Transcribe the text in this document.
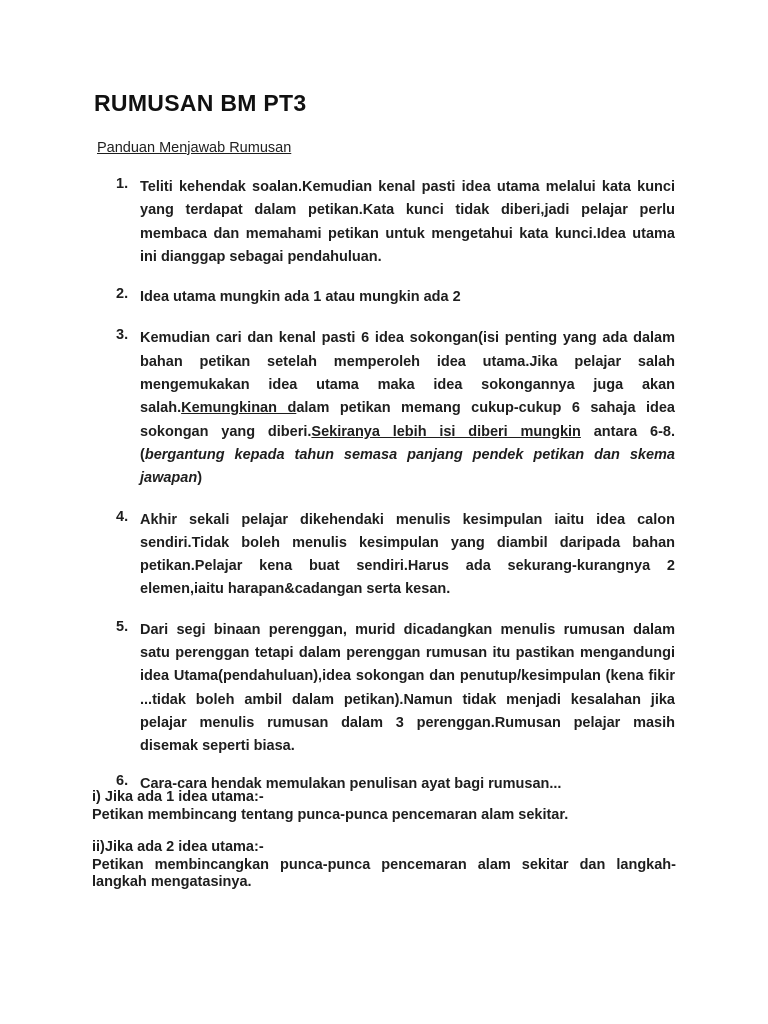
RUMUSAN BM PT3
Panduan Menjawab Rumusan
1. Teliti kehendak soalan.Kemudian kenal pasti idea utama melalui kata kunci yang terdapat dalam petikan.Kata kunci tidak diberi,jadi pelajar perlu membaca dan memahami petikan untuk mengetahui kata kunci.Idea utama ini dianggap sebagai pendahuluan.
2. Idea utama mungkin ada 1 atau mungkin ada 2
3. Kemudian cari dan kenal pasti 6 idea sokongan(isi penting yang ada dalam bahan petikan setelah memperoleh idea utama.Jika pelajar salah mengemukakan idea utama maka idea sokongannya juga akan salah.Kemungkinan dalam petikan memang cukup-cukup 6 sahaja idea sokongan yang diberi.Sekiranya lebih isi diberi mungkin antara 6-8.(bergantung kepada tahun semasa panjang pendek petikan dan skema jawapan)
4. Akhir sekali pelajar dikehendaki menulis kesimpulan iaitu idea calon sendiri.Tidak boleh menulis kesimpulan yang diambil daripada bahan petikan.Pelajar kena buat sendiri.Harus ada sekurang-kurangnya 2 elemen,iaitu harapan&cadangan serta kesan.
5. Dari segi binaan perenggan, murid dicadangkan menulis rumusan dalam satu perenggan tetapi dalam perenggan rumusan itu pastikan mengandungi idea Utama(pendahuluan),idea sokongan dan penutup/kesimpulan (kena fikir ...tidak boleh ambil dalam petikan).Namun tidak menjadi kesalahan jika pelajar menulis rumusan dalam 3 perenggan.Rumusan pelajar masih disemak seperti biasa.
6. Cara-cara hendak memulakan penulisan ayat bagi rumusan...
i) Jika ada 1 idea utama:-
Petikan membincang tentang punca-punca pencemaran alam sekitar.
ii)Jika ada 2 idea utama:-
Petikan membincangkan punca-punca pencemaran alam sekitar dan langkah-langkah mengatasinya.
